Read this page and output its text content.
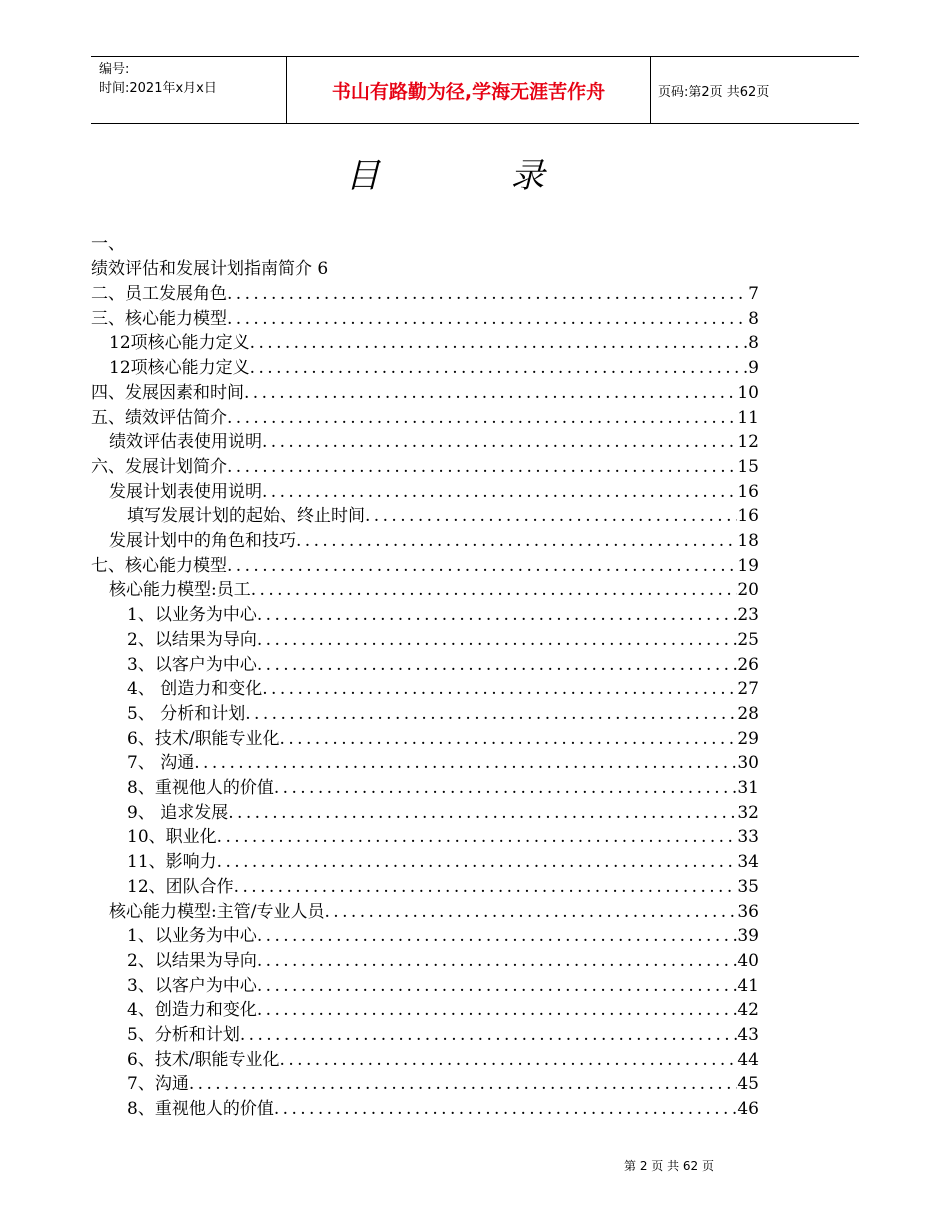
编号:
时间:2021年x月x日	书山有路勤为径,学海无涯苦作舟	页码:第2页 共62页
目 录
一、
绩效评估和发展计划指南简介 6
二、员工发展角色 . . .	7
三、核心能力模型 . . .	8
12项核心能力定义 . . .	8
12项核心能力定义 . . .	9
四、发展因素和时间 . . .	10
五、绩效评估简介 . . .	11
绩效评估表使用说明 . . .	12
六、发展计划简介 . . .	15
发展计划表使用说明 . . .	16
填写发展计划的起始、终止时间 . . .	16
发展计划中的角色和技巧 . . .	18
七、核心能力模型 . . .	19
核心能力模型:员工 . . .	20
1、以业务为中心 . . .	23
2、以结果为导向 . . .	25
3、以客户为中心 . . .	26
4、 创造力和变化 . . .	27
5、 分析和计划 . . .	28
6、技术/职能专业化 . . .	29
7、 沟通 . . .	30
8、重视他人的价值 . . .	31
9、 追求发展 . . .	32
10、职业化 . . .	33
11、影响力 . . .	34
12、团队合作 . . .	35
核心能力模型:主管/专业人员 . . .	36
1、以业务为中心 . . .	39
2、以结果为导向 . . .	40
3、以客户为中心 . . .	41
4、创造力和变化 . . .	42
5、分析和计划 . . .	43
6、技术/职能专业化 . . .	44
7、沟通 . . .	45
8、重视他人的价值 . . .	46
第 2 页 共 62 页
